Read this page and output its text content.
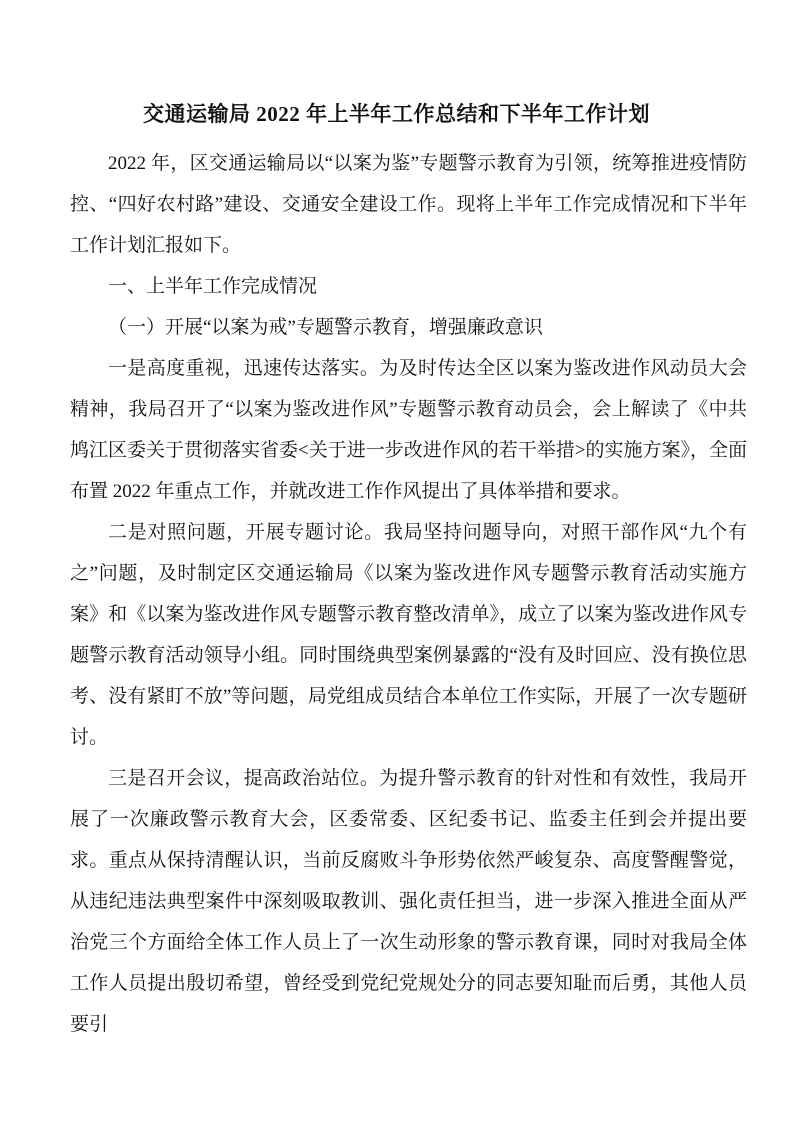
交通运输局 2022 年上半年工作总结和下半年工作计划

2022 年，区交通运输局以“以案为鉴”专题警示教育为引领，统筹推进疫情防控、“四好农村路”建设、交通安全建设工作。现将上半年工作完成情况和下半年工作计划汇报如下。

一、上半年工作完成情况

（一）开展“以案为戒”专题警示教育，增强廉政意识

一是高度重视，迅速传达落实。为及时传达全区以案为鉴改进作风动员大会精神，我局召开了“以案为鉴改进作风”专题警示教育动员会，会上解读了《中共鸠江区委关于贯彻落实省委<关于进一步改进作风的若干举措>的实施方案》，全面布置 2022 年重点工作，并就改进工作作风提出了具体举措和要求。

二是对照问题，开展专题讨论。我局坚持问题导向，对照干部作风“九个有之”问题，及时制定区交通运输局《以案为鉴改进作风专题警示教育活动实施方案》和《以案为鉴改进作风专题警示教育整改清单》，成立了以案为鉴改进作风专题警示教育活动领导小组。同时围绕典型案例暴露的“没有及时回应、没有换位思考、没有紧盯不放”等问题，局党组成员结合本单位工作实际，开展了一次专题研讨。

三是召开会议，提高政治站位。为提升警示教育的针对性和有效性，我局开展了一次廉政警示教育大会，区委常委、区纪委书记、监委主任到会并提出要求。重点从保持清醒认识，当前反腐败斗争形势依然严峻复杂、高度警醒警觉，从违纪违法典型案件中深刻吸取教训、强化责任担当，进一步深入推进全面从严治党三个方面给全体工作人员上了一次生动形象的警示教育课，同时对我局全体工作人员提出殷切希望，曾经受到党纪党规处分的同志要知耻而后勇，其他人员要引
